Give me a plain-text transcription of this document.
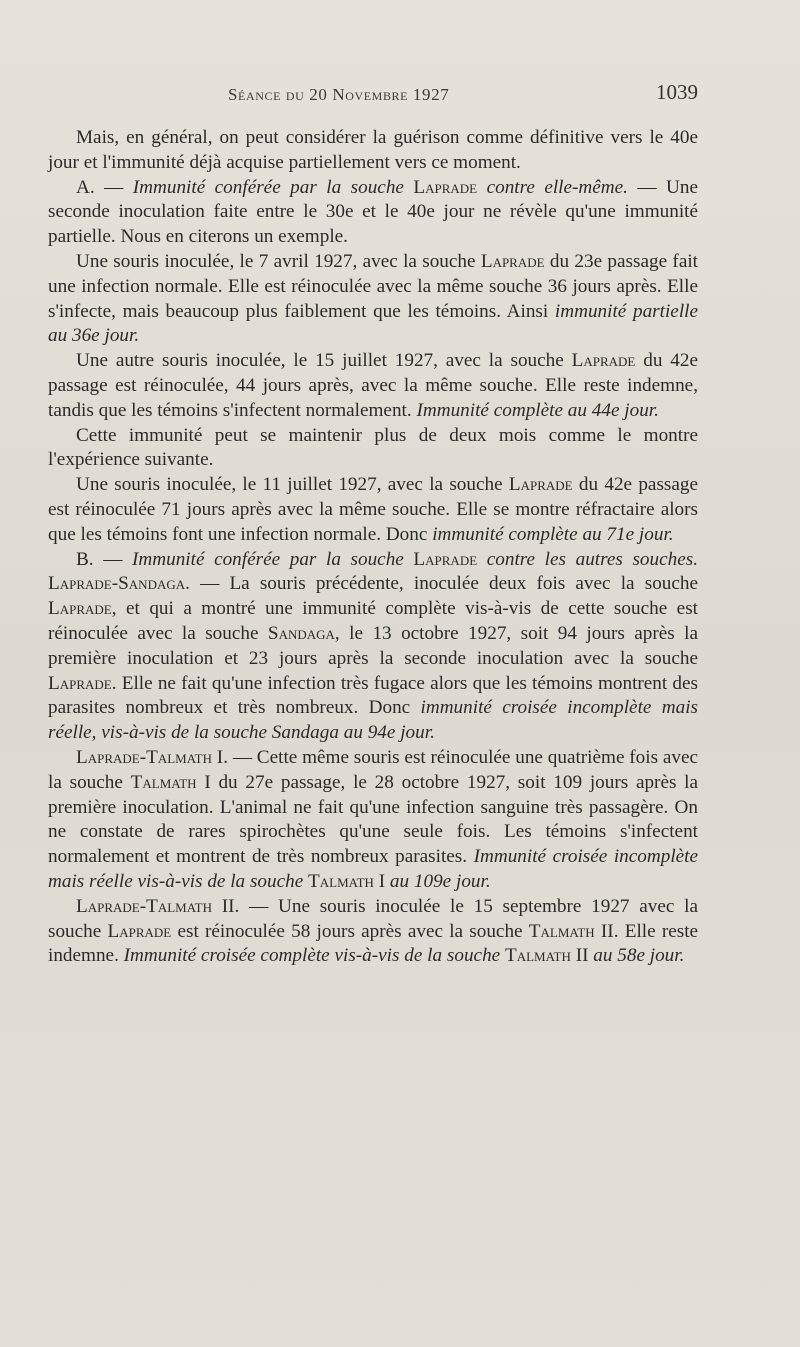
Séance du 20 Novembre 1927	1039

Mais, en général, on peut considérer la guérison comme définitive vers le 40e jour et l'immunité déjà acquise partiellement vers ce moment.

A. — Immunité conférée par la souche Laprade contre elle-même. — Une seconde inoculation faite entre le 30e et le 40e jour ne révèle qu'une immunité partielle. Nous en citerons un exemple.

Une souris inoculée, le 7 avril 1927, avec la souche Laprade du 23e passage fait une infection normale. Elle est réinoculée avec la même souche 36 jours après. Elle s'infecte, mais beaucoup plus faiblement que les témoins. Ainsi immunité partielle au 36e jour.

Une autre souris inoculée, le 15 juillet 1927, avec la souche Laprade du 42e passage est réinoculée, 44 jours après, avec la même souche. Elle reste indemne, tandis que les témoins s'infectent normalement. Immunité complète au 44e jour.

Cette immunité peut se maintenir plus de deux mois comme le montre l'expérience suivante.

Une souris inoculée, le 11 juillet 1927, avec la souche Laprade du 42e passage est réinoculée 71 jours après avec la même souche. Elle se montre réfractaire alors que les témoins font une infection normale. Donc immunité complète au 71e jour.

B. — Immunité conférée par la souche Laprade contre les autres souches. Laprade-Sandaga. — La souris précédente, inoculée deux fois avec la souche Laprade, et qui a montré une immunité complète vis-à-vis de cette souche est réinoculée avec la souche Sandaga, le 13 octobre 1927, soit 94 jours après la première inoculation et 23 jours après la seconde inoculation avec la souche Laprade. Elle ne fait qu'une infection très fugace alors que les témoins montrent des parasites nombreux et très nombreux. Donc immunité croisée incomplète mais réelle, vis-à-vis de la souche Sandaga au 94e jour.

Laprade-Talmath I. — Cette même souris est réinoculée une quatrième fois avec la souche Talmath I du 27e passage, le 28 octobre 1927, soit 109 jours après la première inoculation. L'animal ne fait qu'une infection sanguine très passagère. On ne constate de rares spirochètes qu'une seule fois. Les témoins s'infectent normalement et montrent de très nombreux parasites. Immunité croisée incomplète mais réelle vis-à-vis de la souche Talmath I au 109e jour.

Laprade-Talmath II. — Une souris inoculée le 15 septembre 1927 avec la souche Laprade est réinoculée 58 jours après avec la souche Talmath II. Elle reste indemne. Immunité croisée complète vis-à-vis de la souche Talmath II au 58e jour.
